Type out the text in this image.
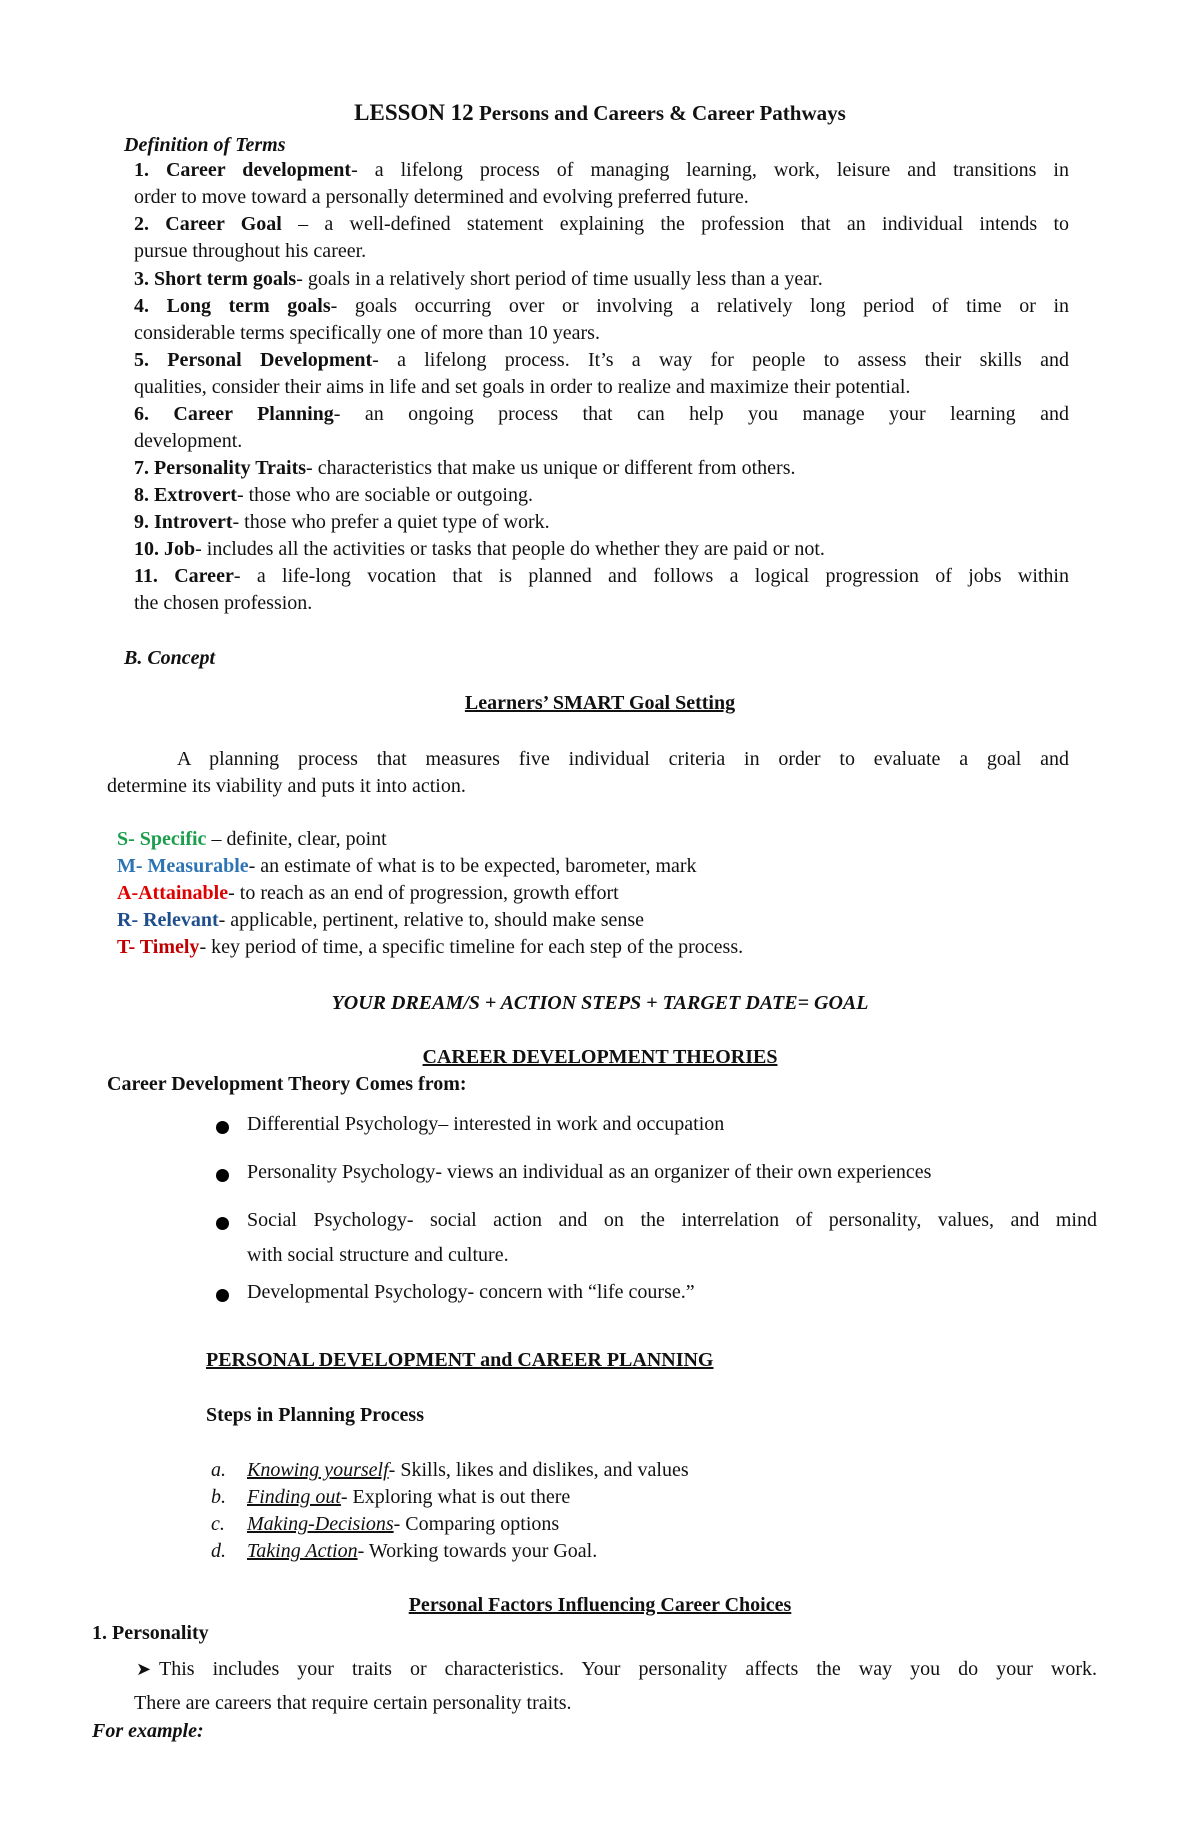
LESSON 12 Persons and Careers & Career Pathways
Definition of Terms
1. Career development- a lifelong process of managing learning, work, leisure and transitions in
order to move toward a personally determined and evolving preferred future.
2. Career Goal – a well-defined statement explaining the profession that an individual intends to
pursue throughout his career.
3. Short term goals- goals in a relatively short period of time usually less than a year.
4. Long term goals- goals occurring over or involving a relatively long period of time or in
considerable terms specifically one of more than 10 years.
5. Personal Development- a lifelong process. It’s a way for people to assess their skills and
qualities, consider their aims in life and set goals in order to realize and maximize their potential.
6. Career Planning- an ongoing process that can help you manage your learning and
development.
7. Personality Traits- characteristics that make us unique or different from others.
8. Extrovert- those who are sociable or outgoing.
9. Introvert- those who prefer a quiet type of work.
10. Job- includes all the activities or tasks that people do whether they are paid or not.
11. Career- a life-long vocation that is planned and follows a logical progression of jobs within
the chosen profession.
B. Concept
Learners’ SMART Goal Setting
A planning process that measures five individual criteria in order to evaluate a goal and
determine its viability and puts it into action.
S- Specific – definite, clear, point
M- Measurable- an estimate of what is to be expected, barometer, mark
A-Attainable- to reach as an end of progression, growth effort
R- Relevant- applicable, pertinent, relative to, should make sense
T- Timely- key period of time, a specific timeline for each step of the process.
YOUR DREAM/S + ACTION STEPS + TARGET DATE= GOAL
CAREER DEVELOPMENT THEORIES
Career Development Theory Comes from:
Differential Psychology– interested in work and occupation
Personality Psychology- views an individual as an organizer of their own experiences
Social Psychology- social action and on the interrelation of personality, values, and mind
with social structure and culture.
Developmental Psychology- concern with “life course.”
PERSONAL DEVELOPMENT and CAREER PLANNING
Steps in Planning Process
a. Knowing yourself- Skills, likes and dislikes, and values
b. Finding out- Exploring what is out there
c. Making-Decisions- Comparing options
d. Taking Action- Working towards your Goal.
Personal Factors Influencing Career Choices
1. Personality
➤ This includes your traits or characteristics. Your personality affects the way you do your work.
There are careers that require certain personality traits.
For example:
